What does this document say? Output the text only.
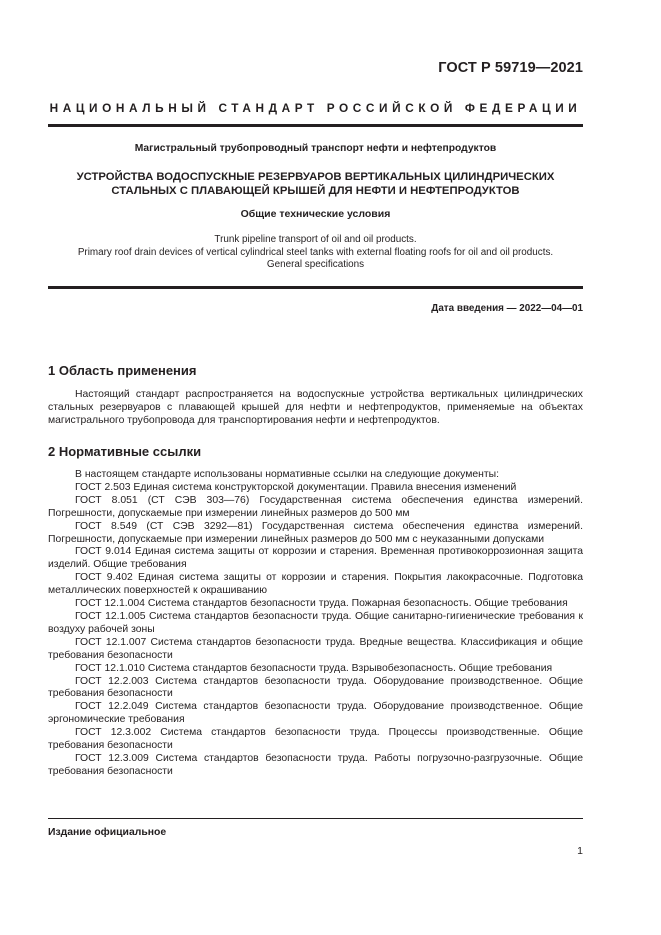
ГОСТ Р 59719—2021
НАЦИОНАЛЬНЫЙ СТАНДАРТ РОССИЙСКОЙ ФЕДЕРАЦИИ
Магистральный трубопроводный транспорт нефти и нефтепродуктов
УСТРОЙСТВА ВОДОСПУСКНЫЕ РЕЗЕРВУАРОВ ВЕРТИКАЛЬНЫХ ЦИЛИНДРИЧЕСКИХ СТАЛЬНЫХ С ПЛАВАЮЩЕЙ КРЫШЕЙ ДЛЯ НЕФТИ И НЕФТЕПРОДУКТОВ
Общие технические условия
Trunk pipeline transport of oil and oil products.
Primary roof drain devices of vertical cylindrical steel tanks with external floating roofs for oil and oil products.
General specifications
Дата введения — 2022—04—01
1 Область применения

Настоящий стандарт распространяется на водоспускные устройства вертикальных цилиндрических стальных резервуаров с плавающей крышей для нефти и нефтепродуктов, применяемые на объектах магистрального трубопровода для транспортирования нефти и нефтепродуктов.

2 Нормативные ссылки

В настоящем стандарте использованы нормативные ссылки на следующие документы:

ГОСТ 2.503 Единая система конструкторской документации. Правила внесения изменений

ГОСТ 8.051 (СТ СЭВ 303—76) Государственная система обеспечения единства измерений. Погрешности, допускаемые при измерении линейных размеров до 500 мм

ГОСТ 8.549 (СТ СЭВ 3292—81) Государственная система обеспечения единства измерений. Погрешности, допускаемые при измерении линейных размеров до 500 мм с неуказанными допусками

ГОСТ 9.014 Единая система защиты от коррозии и старения. Временная противокоррозионная защита изделий. Общие требования

ГОСТ 9.402 Единая система защиты от коррозии и старения. Покрытия лакокрасочные. Подготовка металлических поверхностей к окрашиванию

ГОСТ 12.1.004 Система стандартов безопасности труда. Пожарная безопасность. Общие требования

ГОСТ 12.1.005 Система стандартов безопасности труда. Общие санитарно-гигиенические требования к воздуху рабочей зоны

ГОСТ 12.1.007 Система стандартов безопасности труда. Вредные вещества. Классификация и общие требования безопасности

ГОСТ 12.1.010 Система стандартов безопасности труда. Взрывобезопасность. Общие требования

ГОСТ 12.2.003 Система стандартов безопасности труда. Оборудование производственное. Общие требования безопасности

ГОСТ 12.2.049 Система стандартов безопасности труда. Оборудование производственное. Общие эргономические требования

ГОСТ 12.3.002 Система стандартов безопасности труда. Процессы производственные. Общие требования безопасности

ГОСТ 12.3.009 Система стандартов безопасности труда. Работы погрузочно-разгрузочные. Общие требования безопасности

Издание официальное
1
